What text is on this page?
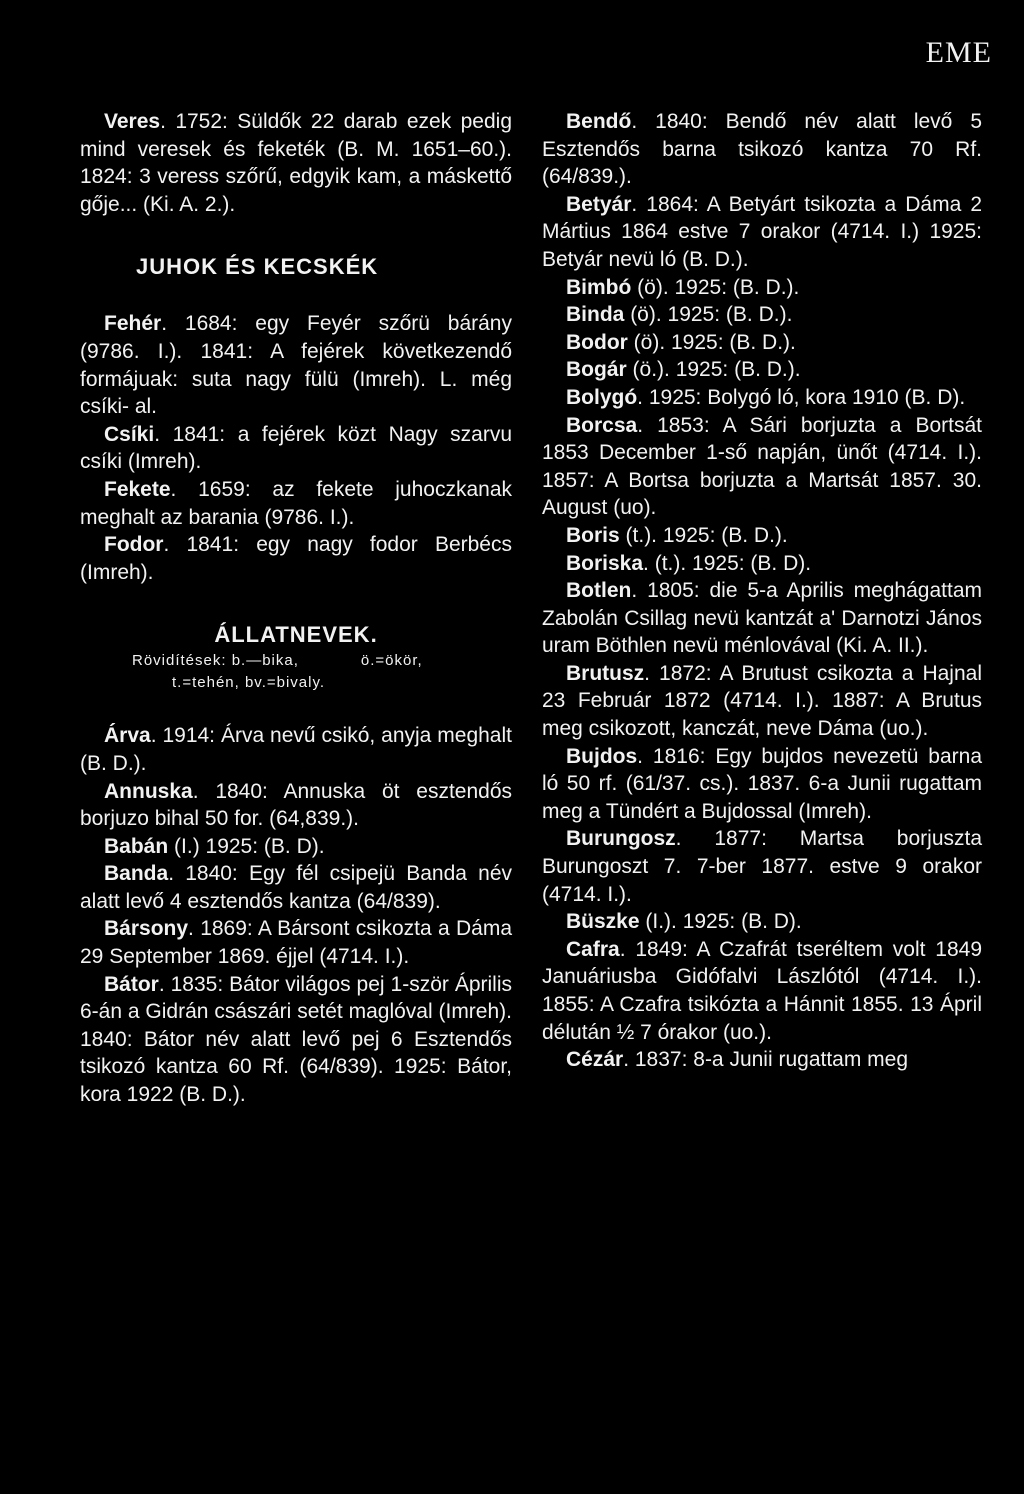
EME

Veres. 1752: Süldők 22 darab ezek pedig mind veresek és feketék (B. M. 1651–60.). 1824: 3 veress szőrű, edgyik kam, a máskettő gője... (Ki. A. 2.).

JUHOK ÉS KECSKÉK

Fehér. 1684: egy Feyér szőrü bárány (9786. I.). 1841: A fejérek következendő formájuak: suta nagy fülü (Imreh). L. még csíki- al.

Csíki. 1841: a fejérek közt Nagy szarvu csíki (Imreh).

Fekete. 1659: az fekete juhoczkanak meghalt az barania (9786. I.).

Fodor. 1841: egy nagy fodor Berbécs (Imreh).

ÁLLATNEVEK.
Rövidítések: b.—bika,            ö.=ökör,
t.=tehén, bv.=bivaly.

Árva. 1914: Árva nevű csikó, anyja meghalt (B. D.).

Annuska. 1840: Annuska öt esztendős borjuzo bihal 50 for. (64,839.).

Babán (I.) 1925: (B. D).

Banda. 1840: Egy fél csipejü Banda név alatt levő 4 esztendős kantza (64/839).

Bársony. 1869: A Bársont csikozta a Dáma 29 September 1869. éjjel (4714. I.).

Bátor. 1835: Bátor világos pej 1-ször Április 6-án a Gidrán császári setét maglóval (Imreh). 1840: Bátor név alatt levő pej 6 Esztendős tsikozó kantza 60 Rf. (64/839). 1925: Bátor, kora 1922 (B. D.).

Bendő. 1840: Bendő név alatt levő 5 Esztendős barna tsikozó kantza 70 Rf. (64/839.).

Betyár. 1864: A Betyárt tsikozta a Dáma 2 Mártius 1864 estve 7 orakor (4714. I.) 1925: Betyár nevü ló (B. D.).

Bimbó (ö). 1925: (B. D.).

Binda (ö). 1925: (B. D.).

Bodor (ö). 1925: (B. D.).

Bogár (ö.). 1925: (B. D.).

Bolygó. 1925: Bolygó ló, kora 1910 (B. D).

Borcsa. 1853: A Sári borjuzta a Bortsát 1853 December 1-ső napján, ünőt (4714. I.). 1857: A Bortsa borjuzta a Martsát 1857. 30. August (uo).

Boris (t.). 1925: (B. D.).

Boriska. (t.). 1925: (B. D).

Botlen. 1805: die 5-a Aprilis meghágattam Zabolán Csillag nevü kantzát a' Darnotzi János uram Böthlen nevü ménlovával (Ki. A. II.).

Brutusz. 1872: A Brutust csikozta a Hajnal 23 Február 1872 (4714. I.). 1887: A Brutus meg csikozott, kanczát, neve Dáma (uo.).

Bujdos. 1816: Egy bujdos nevezetü barna ló 50 rf. (61/37. cs.). 1837. 6-a Junii rugattam meg a Tündért a Bujdossal (Imreh).

Burungosz. 1877: Martsa borjuszta Burungoszt 7. 7-ber 1877. estve 9 orakor (4714. I.).

Büszke (I.). 1925: (B. D).

Cafra. 1849: A Czafrát tseréltem volt 1849 Januáriusba Gidófalvi Lászlótól (4714. I.). 1855: A Czafra tsikózta a Hánnit 1855. 13 Ápril délután ½ 7 órakor (uo.).

Cézár. 1837: 8-a Junii rugattam meg
